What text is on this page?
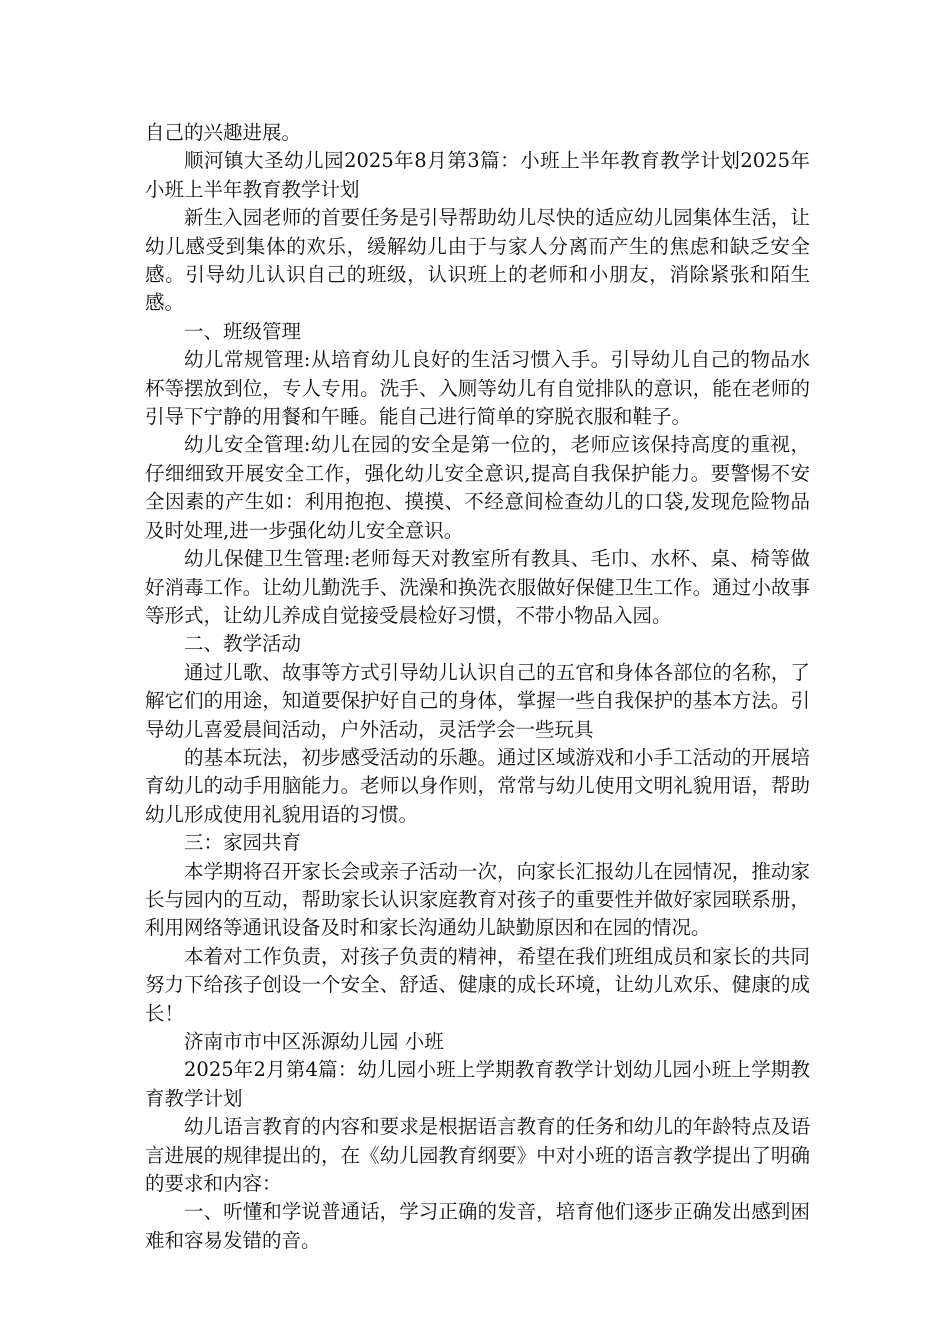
自己的兴趣进展。

顺河镇大圣幼儿园2025年8月第3篇：小班上半年教育教学计划2025年小班上半年教育教学计划

新生入园老师的首要任务是引导帮助幼儿尽快的适应幼儿园集体生活，让幼儿感受到集体的欢乐，缓解幼儿由于与家人分离而产生的焦虑和缺乏安全感。引导幼儿认识自己的班级，认识班上的老师和小朋友，消除紧张和陌生感。

一、班级管理

幼儿常规管理:从培育幼儿良好的生活习惯入手。引导幼儿自己的物品水杯等摆放到位，专人专用。洗手、入厕等幼儿有自觉排队的意识，能在老师的引导下宁静的用餐和午睡。能自己进行简单的穿脱衣服和鞋子。

幼儿安全管理:幼儿在园的安全是第一位的，老师应该保持高度的重视，仔细细致开展安全工作，强化幼儿安全意识,提高自我保护能力。要警惕不安全因素的产生如：利用抱抱、摸摸、不经意间检查幼儿的口袋,发现危险物品及时处理,进一步强化幼儿安全意识。

幼儿保健卫生管理:老师每天对教室所有教具、毛巾、水杯、桌、椅等做好消毒工作。让幼儿勤洗手、洗澡和换洗衣服做好保健卫生工作。通过小故事等形式，让幼儿养成自觉接受晨检好习惯，不带小物品入园。

二、教学活动

通过儿歌、故事等方式引导幼儿认识自己的五官和身体各部位的名称，了解它们的用途，知道要保护好自己的身体，掌握一些自我保护的基本方法。引导幼儿喜爱晨间活动，户外活动，灵活学会一些玩具

的基本玩法，初步感受活动的乐趣。通过区域游戏和小手工活动的开展培育幼儿的动手用脑能力。老师以身作则，常常与幼儿使用文明礼貌用语，帮助幼儿形成使用礼貌用语的习惯。

三：家园共育

本学期将召开家长会或亲子活动一次，向家长汇报幼儿在园情况，推动家长与园内的互动，帮助家长认识家庭教育对孩子的重要性并做好家园联系册，利用网络等通讯设备及时和家长沟通幼儿缺勤原因和在园的情况。

本着对工作负责，对孩子负责的精神，希望在我们班组成员和家长的共同努力下给孩子创设一个安全、舒适、健康的成长环境，让幼儿欢乐、健康的成长！

济南市市中区泺源幼儿园 小班

2025年2月第4篇：幼儿园小班上学期教育教学计划幼儿园小班上学期教育教学计划

幼儿语言教育的内容和要求是根据语言教育的任务和幼儿的年龄特点及语言进展的规律提出的，在《幼儿园教育纲要》中对小班的语言教学提出了明确的要求和内容：

一、听懂和学说普通话，学习正确的发音，培育他们逐步正确发出感到困难和容易发错的音。
